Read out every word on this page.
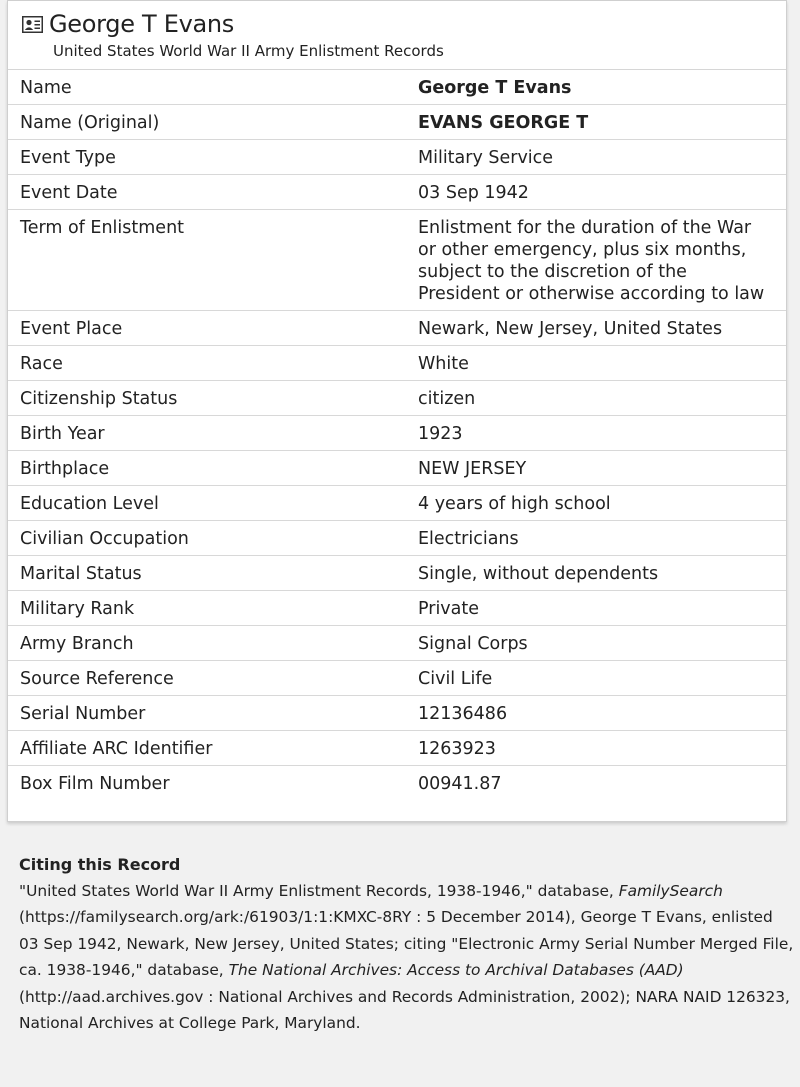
George T Evans
United States World War II Army Enlistment Records
Name	George T Evans
Name (Original)	EVANS GEORGE T
Event Type	Military Service
Event Date	03 Sep 1942
Term of Enlistment	Enlistment for the duration of the War or other emergency, plus six months, subject to the discretion of the President or otherwise according to law
Event Place	Newark, New Jersey, United States
Race	White
Citizenship Status	citizen
Birth Year	1923
Birthplace	NEW JERSEY
Education Level	4 years of high school
Civilian Occupation	Electricians
Marital Status	Single, without dependents
Military Rank	Private
Army Branch	Signal Corps
Source Reference	Civil Life
Serial Number	12136486
Affiliate ARC Identifier	1263923
Box Film Number	00941.87
Citing this Record
"United States World War II Army Enlistment Records, 1938-1946," database, FamilySearch (https://familysearch.org/ark:/61903/1:1:KMXC-8RY : 5 December 2014), George T Evans, enlisted 03 Sep 1942, Newark, New Jersey, United States; citing "Electronic Army Serial Number Merged File, ca. 1938-1946," database, The National Archives: Access to Archival Databases (AAD) (http://aad.archives.gov : National Archives and Records Administration, 2002); NARA NAID 126323, National Archives at College Park, Maryland.
